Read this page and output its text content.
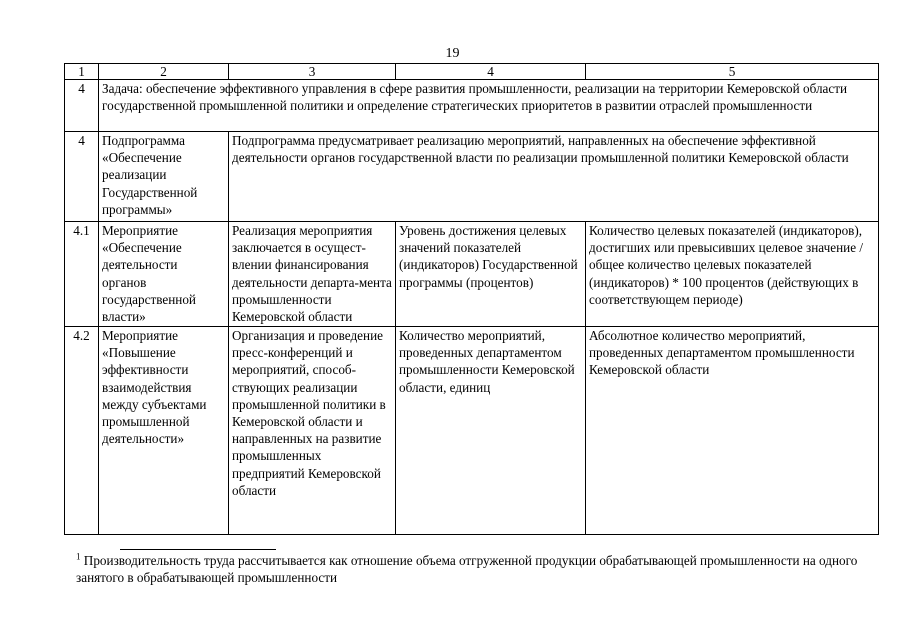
19
1	2	3	4	5
4	Задача: обеспечение эффективного управления в сфере развития промышленности, реализации на территории Кемеровской области государственной промышленной политики и определение стратегических приоритетов в развитии отраслей промышленности			
4	Подпрограмма «Обеспечение реализации Государственной программы»	Подпрограмма предусматривает реализацию мероприятий, направленных на обеспечение эффективной деятельности органов государственной власти по реализации промышленной политики Кемеровской области		
4.1	Мероприятие «Обеспечение деятельности органов государственной власти»	Реализация мероприятия заключается в осущест-влении финансирования деятельности департа-мента промышленности Кемеровской области	Уровень достижения целевых значений показателей (индикаторов) Государственной программы (процентов)	Количество целевых показателей (индикаторов), достигших или превысивших целевое значение / общее количество целевых показателей (индикаторов) * 100 процентов (действующих в соответствующем периоде)
4.2	Мероприятие «Повышение эффективности взаимодействия между субъектами промышленной деятельности»	Организация и проведение пресс-конференций и мероприятий, способ-ствующих реализации промышленной политики в Кемеровской области и направленных на развитие промышленных предприятий Кемеровской области	Количество мероприятий, проведенных департаментом промышленности Кемеровской области, единиц	Абсолютное количество мероприятий, проведенных департаментом промышленности Кемеровской области
$^1$ Производительность труда рассчитывается как отношение объема отгруженной продукции обрабатывающей промышленности на одного занятого в обрабатывающей промышленности
